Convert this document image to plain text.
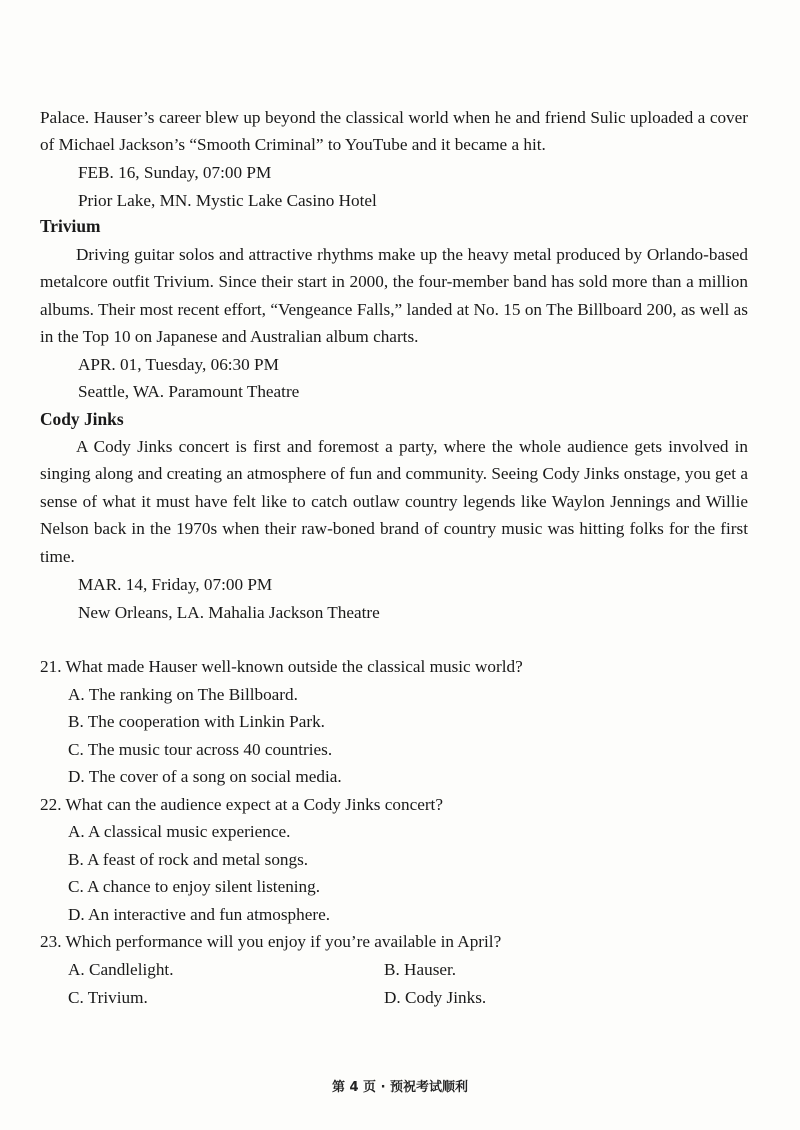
Palace. Hauser’s career blew up beyond the classical world when he and friend Sulic uploaded a cover of Michael Jackson’s “Smooth Criminal” to YouTube and it became a hit.

FEB. 16, Sunday, 07:00 PM
Prior Lake, MN. Mystic Lake Casino Hotel
Trivium

Driving guitar solos and attractive rhythms make up the heavy metal produced by Orlando-based metalcore outfit Trivium. Since their start in 2000, the four-member band has sold more than a million albums. Their most recent effort, “Vengeance Falls,” landed at No. 15 on The Billboard 200, as well as in the Top 10 on Japanese and Australian album charts.

APR. 01, Tuesday, 06:30 PM
Seattle, WA. Paramount Theatre
Cody Jinks

A Cody Jinks concert is first and foremost a party, where the whole audience gets involved in singing along and creating an atmosphere of fun and community. Seeing Cody Jinks onstage, you get a sense of what it must have felt like to catch outlaw country legends like Waylon Jennings and Willie Nelson back in the 1970s when their raw-boned brand of country music was hitting folks for the first time.

MAR. 14, Friday, 07:00 PM
New Orleans, LA. Mahalia Jackson Theatre
21. What made Hauser well-known outside the classical music world?
A. The ranking on The Billboard.
B. The cooperation with Linkin Park.
C. The music tour across 40 countries.
D. The cover of a song on social media.
22. What can the audience expect at a Cody Jinks concert?
A. A classical music experience.
B. A feast of rock and metal songs.
C. A chance to enjoy silent listening.
D. An interactive and fun atmosphere.
23. Which performance will you enjoy if you’re available in April?
A. Candlelight.	B. Hauser.
C. Trivium.	D. Cody Jinks.
第 4 页 · 预祝考试顺利
